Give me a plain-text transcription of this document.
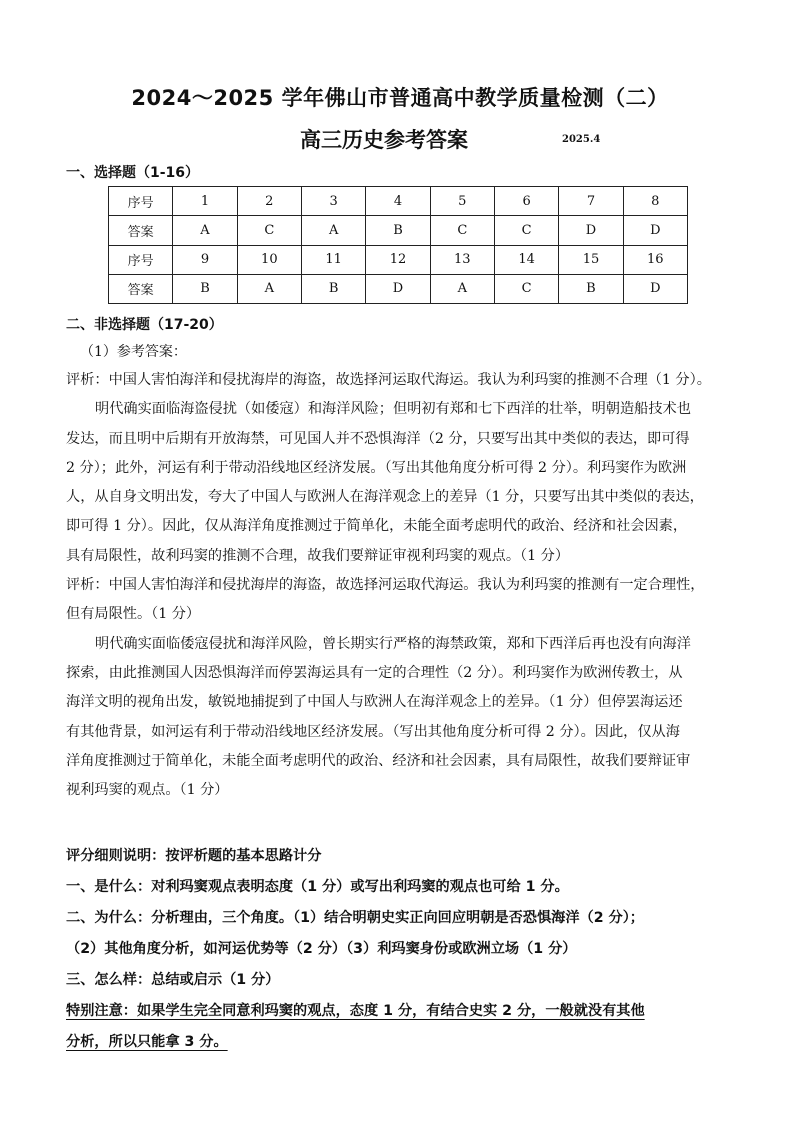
2024～2025 学年佛山市普通高中教学质量检测（二）
高三历史参考答案	2025.4
一、选择题（1-16）
序号	1	2	3	4	5	6	7	8
答案	A	C	A	B	C	C	D	D
序号	9	10	11	12	13	14	15	16
答案	B	A	B	D	A	C	B	D
二、非选择题（17-20）
（1）参考答案：
评析：中国人害怕海洋和侵扰海岸的海盗，故选择河运取代海运。我认为利玛窦的推测不合理（1 分）。
明代确实面临海盗侵扰（如倭寇）和海洋风险；但明初有郑和七下西洋的壮举，明朝造船技术也
发达，而且明中后期有开放海禁，可见国人并不恐惧海洋（2 分，只要写出其中类似的表达，即可得
2 分）；此外，河运有利于带动沿线地区经济发展。（写出其他角度分析可得 2 分）。利玛窦作为欧洲
人，从自身文明出发，夸大了中国人与欧洲人在海洋观念上的差异（1 分，只要写出其中类似的表达，
即可得 1 分）。因此，仅从海洋角度推测过于简单化，未能全面考虑明代的政治、经济和社会因素，
具有局限性，故利玛窦的推测不合理，故我们要辩证审视利玛窦的观点。（1 分）
评析：中国人害怕海洋和侵扰海岸的海盗，故选择河运取代海运。我认为利玛窦的推测有一定合理性，
但有局限性。（1 分）
明代确实面临倭寇侵扰和海洋风险，曾长期实行严格的海禁政策，郑和下西洋后再也没有向海洋
探索，由此推测国人因恐惧海洋而停罢海运具有一定的合理性（2 分）。利玛窦作为欧洲传教士，从
海洋文明的视角出发，敏锐地捕捉到了中国人与欧洲人在海洋观念上的差异。（1 分）但停罢海运还
有其他背景，如河运有利于带动沿线地区经济发展。（写出其他角度分析可得 2 分）。因此，仅从海
洋角度推测过于简单化，未能全面考虑明代的政治、经济和社会因素，具有局限性，故我们要辩证审
视利玛窦的观点。（1 分）
评分细则说明：按评析题的基本思路计分
一、是什么：对利玛窦观点表明态度（1 分）或写出利玛窦的观点也可给 1 分。
二、为什么：分析理由，三个角度。（1）结合明朝史实正向回应明朝是否恐惧海洋（2 分）；
（2）其他角度分析，如河运优势等（2 分）（3）利玛窦身份或欧洲立场（1 分）
三、怎么样：总结或启示（1 分）
特别注意：如果学生完全同意利玛窦的观点，态度 1 分，有结合史实 2 分，一般就没有其他
分析，所以只能拿 3 分。
